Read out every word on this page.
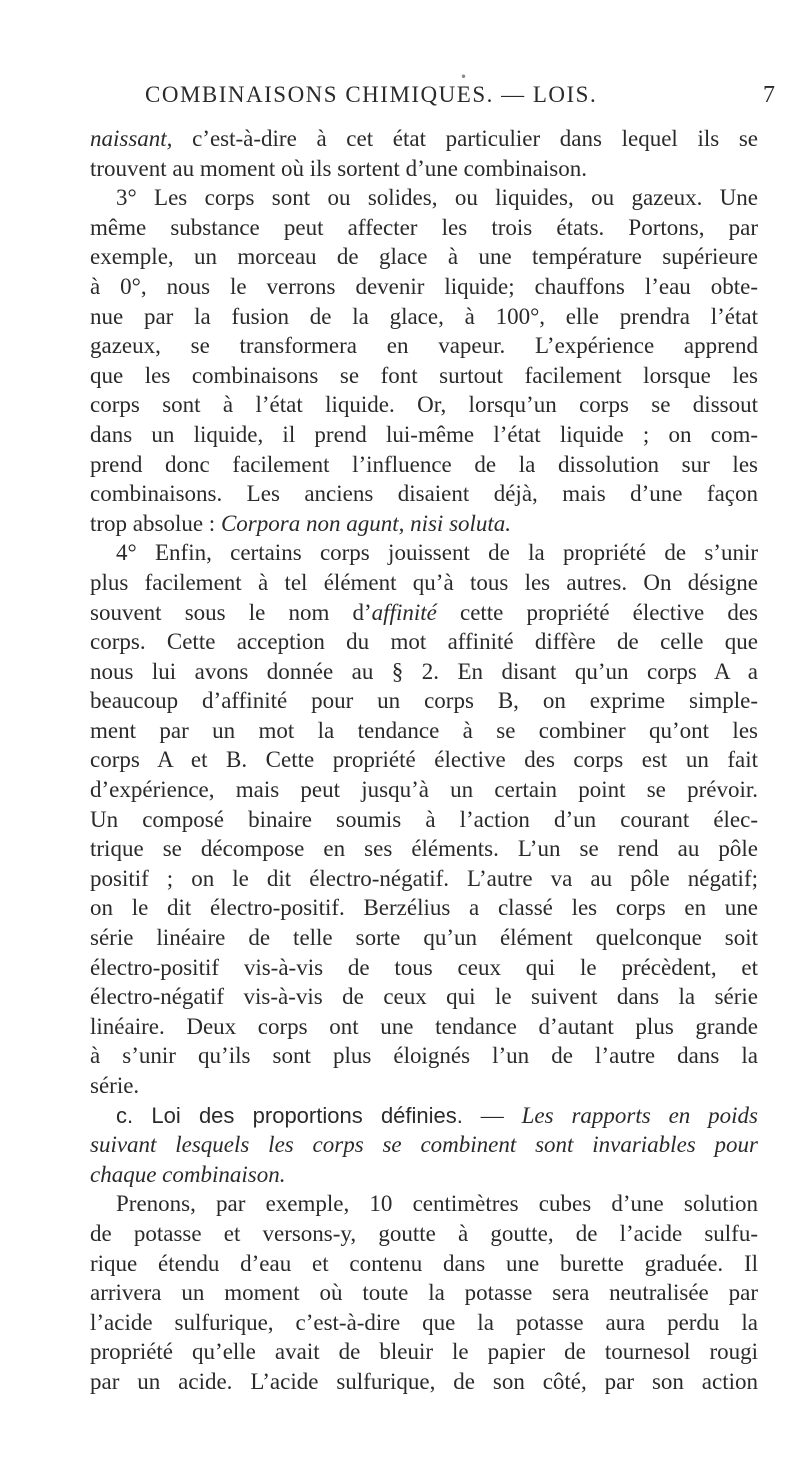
•
COMBINAISONS CHIMIQUES. — LOIS.	7
naissant, c’est-à-dire à cet état particulier dans lequel ils se
trouvent au moment où ils sortent d’une combinaison.
3° Les corps sont ou solides, ou liquides, ou gazeux. Une
même substance peut affecter les trois états. Portons, par
exemple, un morceau de glace à une température supérieure
à 0°, nous le verrons devenir liquide; chauffons l’eau obte-
nue par la fusion de la glace, à 100°, elle prendra l’état
gazeux, se transformera en vapeur. L’expérience apprend
que les combinaisons se font surtout facilement lorsque les
corps sont à l’état liquide. Or, lorsqu’un corps se dissout
dans un liquide, il prend lui-même l’état liquide ; on com-
prend donc facilement l’influence de la dissolution sur les
combinaisons. Les anciens disaient déjà, mais d’une façon
trop absolue : Corpora non agunt, nisi soluta.
4° Enfin, certains corps jouissent de la propriété de s’unir
plus facilement à tel élément qu’à tous les autres. On désigne
souvent sous le nom d’affinité cette propriété élective des
corps. Cette acception du mot affinité diffère de celle que
nous lui avons donnée au § 2. En disant qu’un corps A a
beaucoup d’affinité pour un corps B, on exprime simple-
ment par un mot la tendance à se combiner qu’ont les
corps A et B. Cette propriété élective des corps est un fait
d’expérience, mais peut jusqu’à un certain point se prévoir.
Un composé binaire soumis à l’action d’un courant élec-
trique se décompose en ses éléments. L’un se rend au pôle
positif ; on le dit électro-négatif. L’autre va au pôle négatif;
on le dit électro-positif. Berzélius a classé les corps en une
série linéaire de telle sorte qu’un élément quelconque soit
électro-positif vis-à-vis de tous ceux qui le précèdent, et
électro-négatif vis-à-vis de ceux qui le suivent dans la série
linéaire. Deux corps ont une tendance d’autant plus grande
à s’unir qu’ils sont plus éloignés l’un de l’autre dans la
série.
c. Loi des proportions définies. — Les rapports en poids
suivant lesquels les corps se combinent sont invariables pour
chaque combinaison.
Prenons, par exemple, 10 centimètres cubes d’une solution
de potasse et versons-y, goutte à goutte, de l’acide sulfu-
rique étendu d’eau et contenu dans une burette graduée. Il
arrivera un moment où toute la potasse sera neutralisée par
l’acide sulfurique, c’est-à-dire que la potasse aura perdu la
propriété qu’elle avait de bleuir le papier de tournesol rougi
par un acide. L’acide sulfurique, de son côté, par son action
